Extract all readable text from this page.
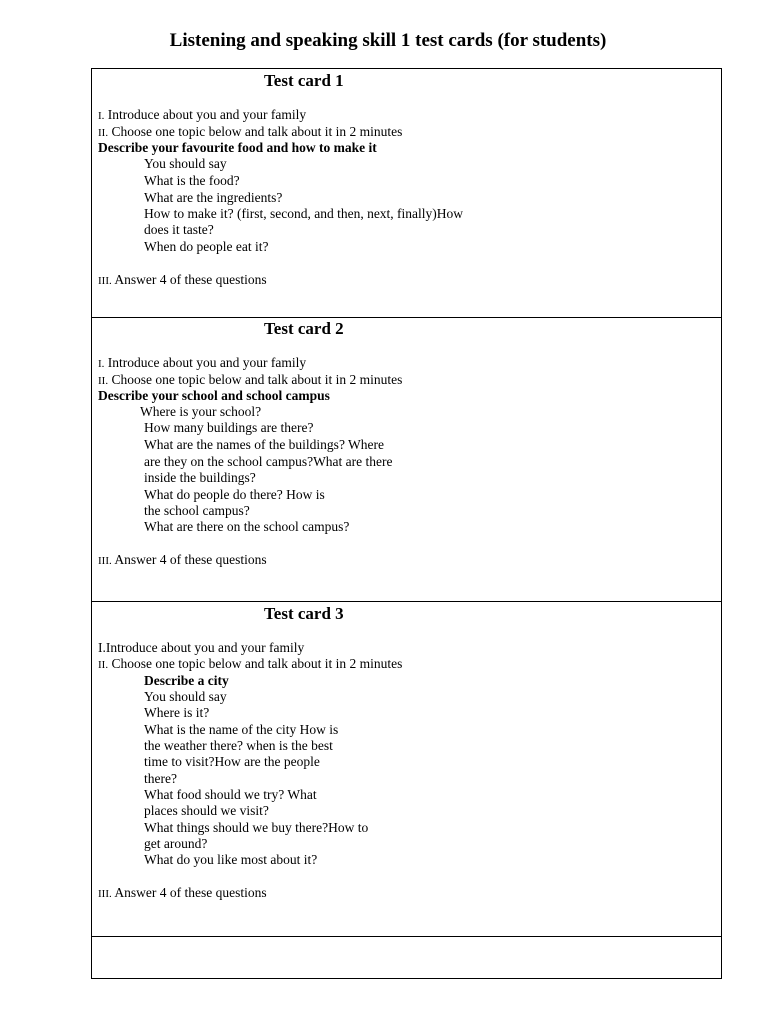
Listening and speaking skill 1 test cards (for students)
Test card 1
I. Introduce about you and your family
II. Choose one topic below and talk about it in 2 minutes
Describe your favourite food and how to make it
You should say
What is the food?
What are the ingredients?
How to make it? (first, second, and then, next, finally)How
does it taste?
When do people eat it?
III. Answer 4 of these questions
Test card 2
I. Introduce about you and your family
II. Choose one topic below and talk about it in 2 minutes
Describe your school and school campus
Where is your school?
How many buildings are there?
What are the names of the buildings? Where
are they on the school campus?What are there
inside the buildings?
What do people do there? How is
the school campus?
What are there on the school campus?
III. Answer 4 of these questions
Test card 3
I.Introduce about you and your family
II. Choose one topic below and talk about it in 2 minutes
Describe a city
You should say
Where is it?
What is the name of the city How is
the weather there? when is the best
time to visit?How are the people
there?
What food should we try? What
places should we visit?
What things should we buy there?How to
get around?
What do you like most about it?
III. Answer 4 of these questions
